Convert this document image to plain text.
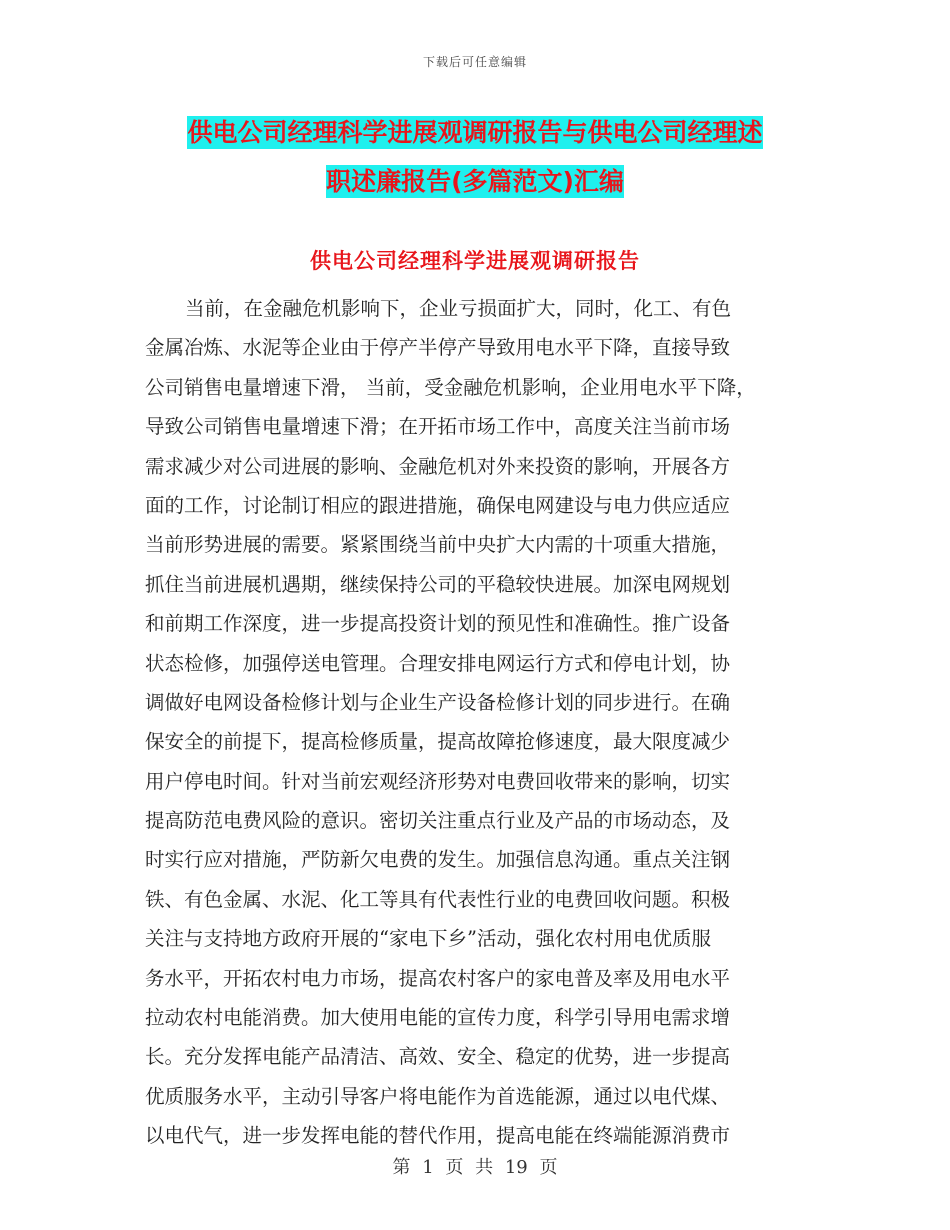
下载后可任意编辑
供电公司经理科学进展观调研报告与供电公司经理述
职述廉报告(多篇范文)汇编
供电公司经理科学进展观调研报告
当前，在金融危机影响下，企业亏损面扩大，同时，化工、有色
金属冶炼、水泥等企业由于停产半停产导致用电水平下降，直接导致
公司销售电量增速下滑， 当前，受金融危机影响，企业用电水平下降，
导致公司销售电量增速下滑；在开拓市场工作中，高度关注当前市场
需求减少对公司进展的影响、金融危机对外来投资的影响，开展各方
面的工作，讨论制订相应的跟进措施，确保电网建设与电力供应适应
当前形势进展的需要。紧紧围绕当前中央扩大内需的十项重大措施，
抓住当前进展机遇期，继续保持公司的平稳较快进展。加深电网规划
和前期工作深度，进一步提高投资计划的预见性和准确性。推广设备
状态检修，加强停送电管理。合理安排电网运行方式和停电计划，协
调做好电网设备检修计划与企业生产设备检修计划的同步进行。在确
保安全的前提下，提高检修质量，提高故障抢修速度，最大限度减少
用户停电时间。针对当前宏观经济形势对电费回收带来的影响，切实
提高防范电费风险的意识。密切关注重点行业及产品的市场动态，及
时实行应对措施，严防新欠电费的发生。加强信息沟通。重点关注钢
铁、有色金属、水泥、化工等具有代表性行业的电费回收问题。积极
关注与支持地方政府开展的“家电下乡”活动，强化农村用电优质服
务水平，开拓农村电力市场，提高农村客户的家电普及率及用电水平
拉动农村电能消费。加大使用电能的宣传力度，科学引导用电需求增
长。充分发挥电能产品清洁、高效、安全、稳定的优势，进一步提高
优质服务水平，主动引导客户将电能作为首选能源，通过以电代煤、
以电代气，进一步发挥电能的替代作用，提高电能在终端能源消费市
第 1 页 共 19 页
